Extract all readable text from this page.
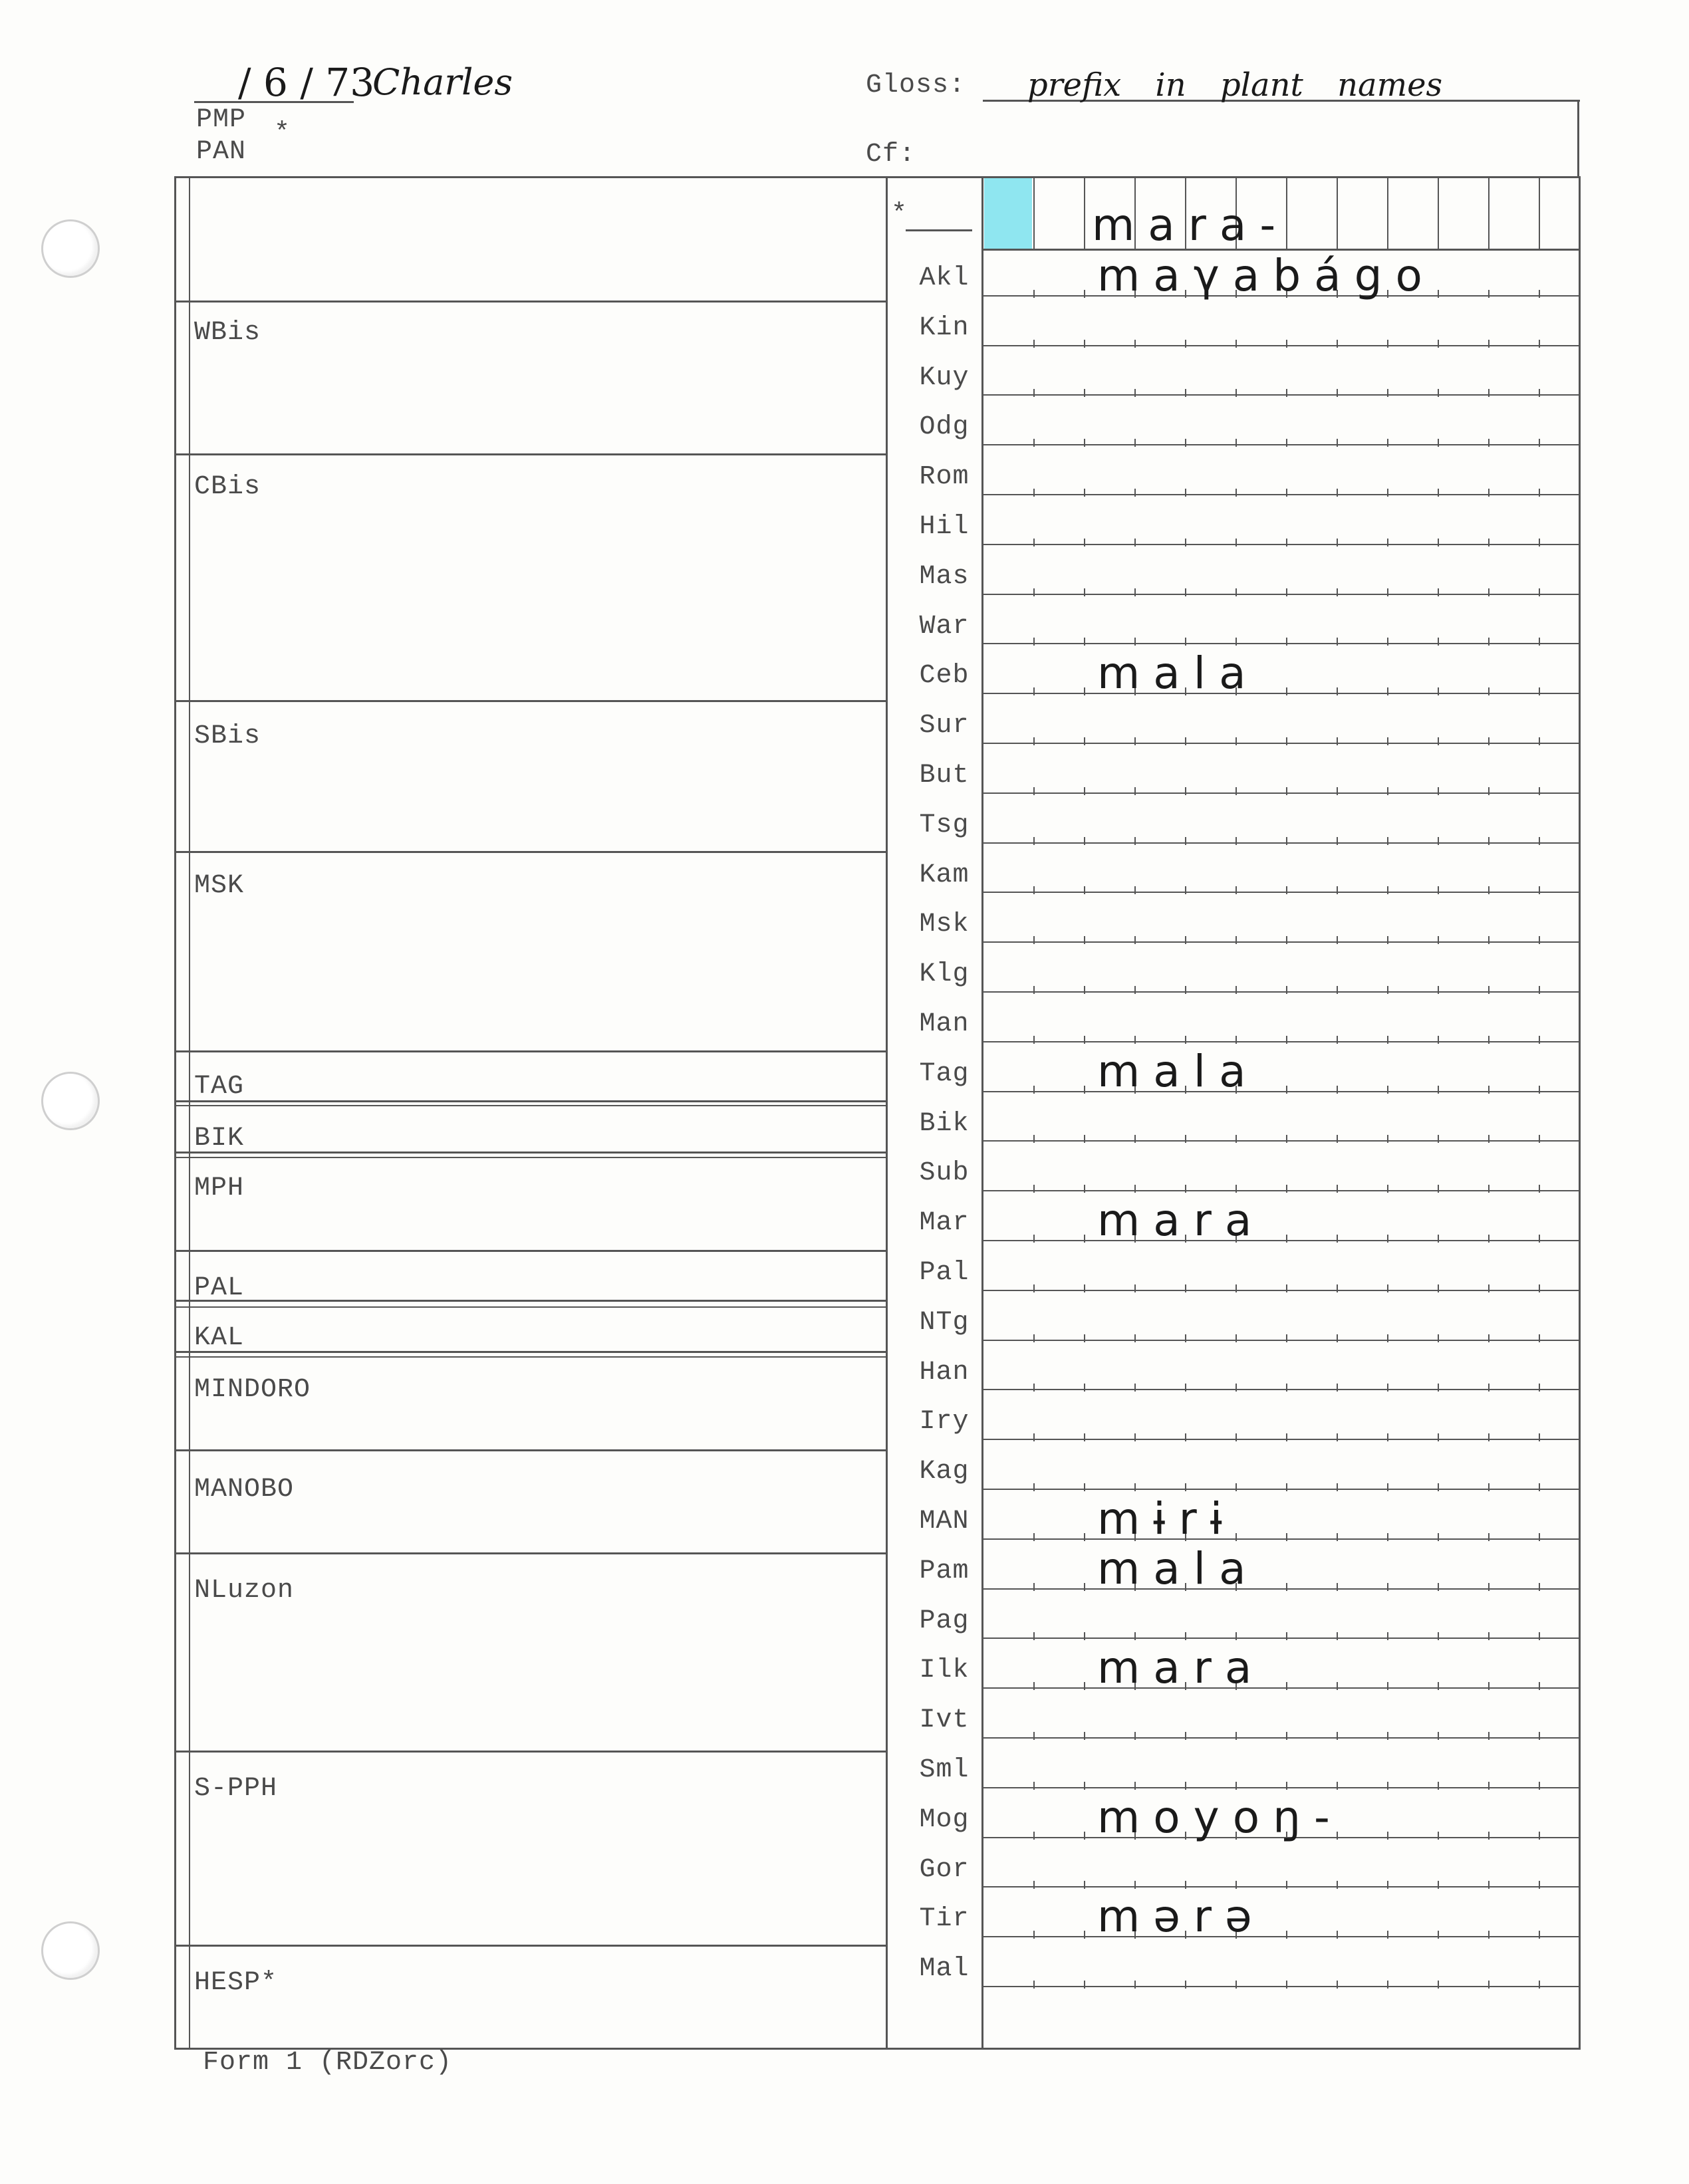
/ 6 / 73
Charles
PMP *
PAN
Gloss: prefix in plant names
Cf:
WBis
CBis
SBis
MSK
TAG
BIK
MPH
PAL
KAL
MINDORO
MANOBO
NLuzon
S-PPH
HESP*
*	mara-
Akl	maγabágo
Kin
Kuy
Odg
Rom
Hil
Mas
War
Ceb	mala
Sur
But
Tsg
Kam
Msk
Klg
Man
Tag	mala
Bik
Sub
Mar	mara
Pal
NTg
Han
Iry
Kag
MAN	mɨrɨ
Pam	mala
Pag
Ilk	mara
Ivt
Sml
Mog	moyoŋ-
Gor
Tir	mərə
Mal
Form 1 (RDZorc)
